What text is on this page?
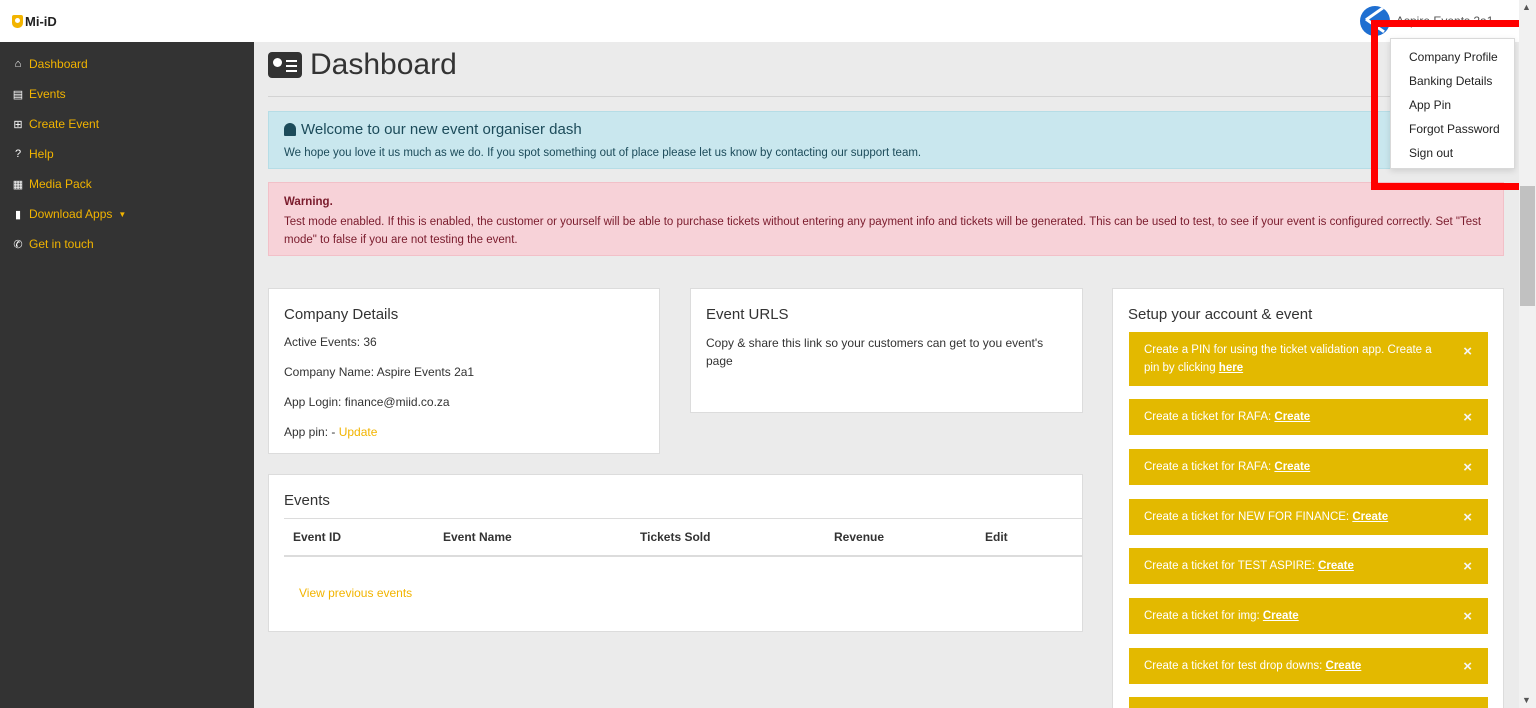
Mi-iD	Aspire Events 2a1
⌂ Dashboard
▤ Events
⊞ Create Event
? Help
▦ Media Pack
▮ Download Apps ▼
✆ Get in touch
Dashboard
Welcome to our new event organiser dash
We hope you love it us much as we do. If you spot something out of place please let us know by contacting our support team.
Warning.
Test mode enabled. If this is enabled, the customer or yourself will be able to purchase tickets without entering any payment info and tickets will be generated. This can be used to test, to see if your event is configured correctly. Set "Test mode" to false if you are not testing the event.
Company Details
Active Events: 36
Company Name: Aspire Events 2a1
App Login: finance@miid.co.za
App pin: - Update
Event URLS
Copy & share this link so your customers can get to you event's page
Events
Event ID	Event Name	Tickets Sold	Revenue	Edit
View previous events
Setup your account & event
Create a PIN for using the ticket validation app. Create a pin by clicking here
×
Create a ticket for RAFA: Create	×
Create a ticket for RAFA: Create	×
Create a ticket for NEW FOR FINANCE: Create	×
Create a ticket for TEST ASPIRE: Create	×
Create a ticket for img: Create	×
Create a ticket for test drop downs: Create	×
Company Profile
Banking Details
App Pin
Forgot Password
Sign out
▲
▼
